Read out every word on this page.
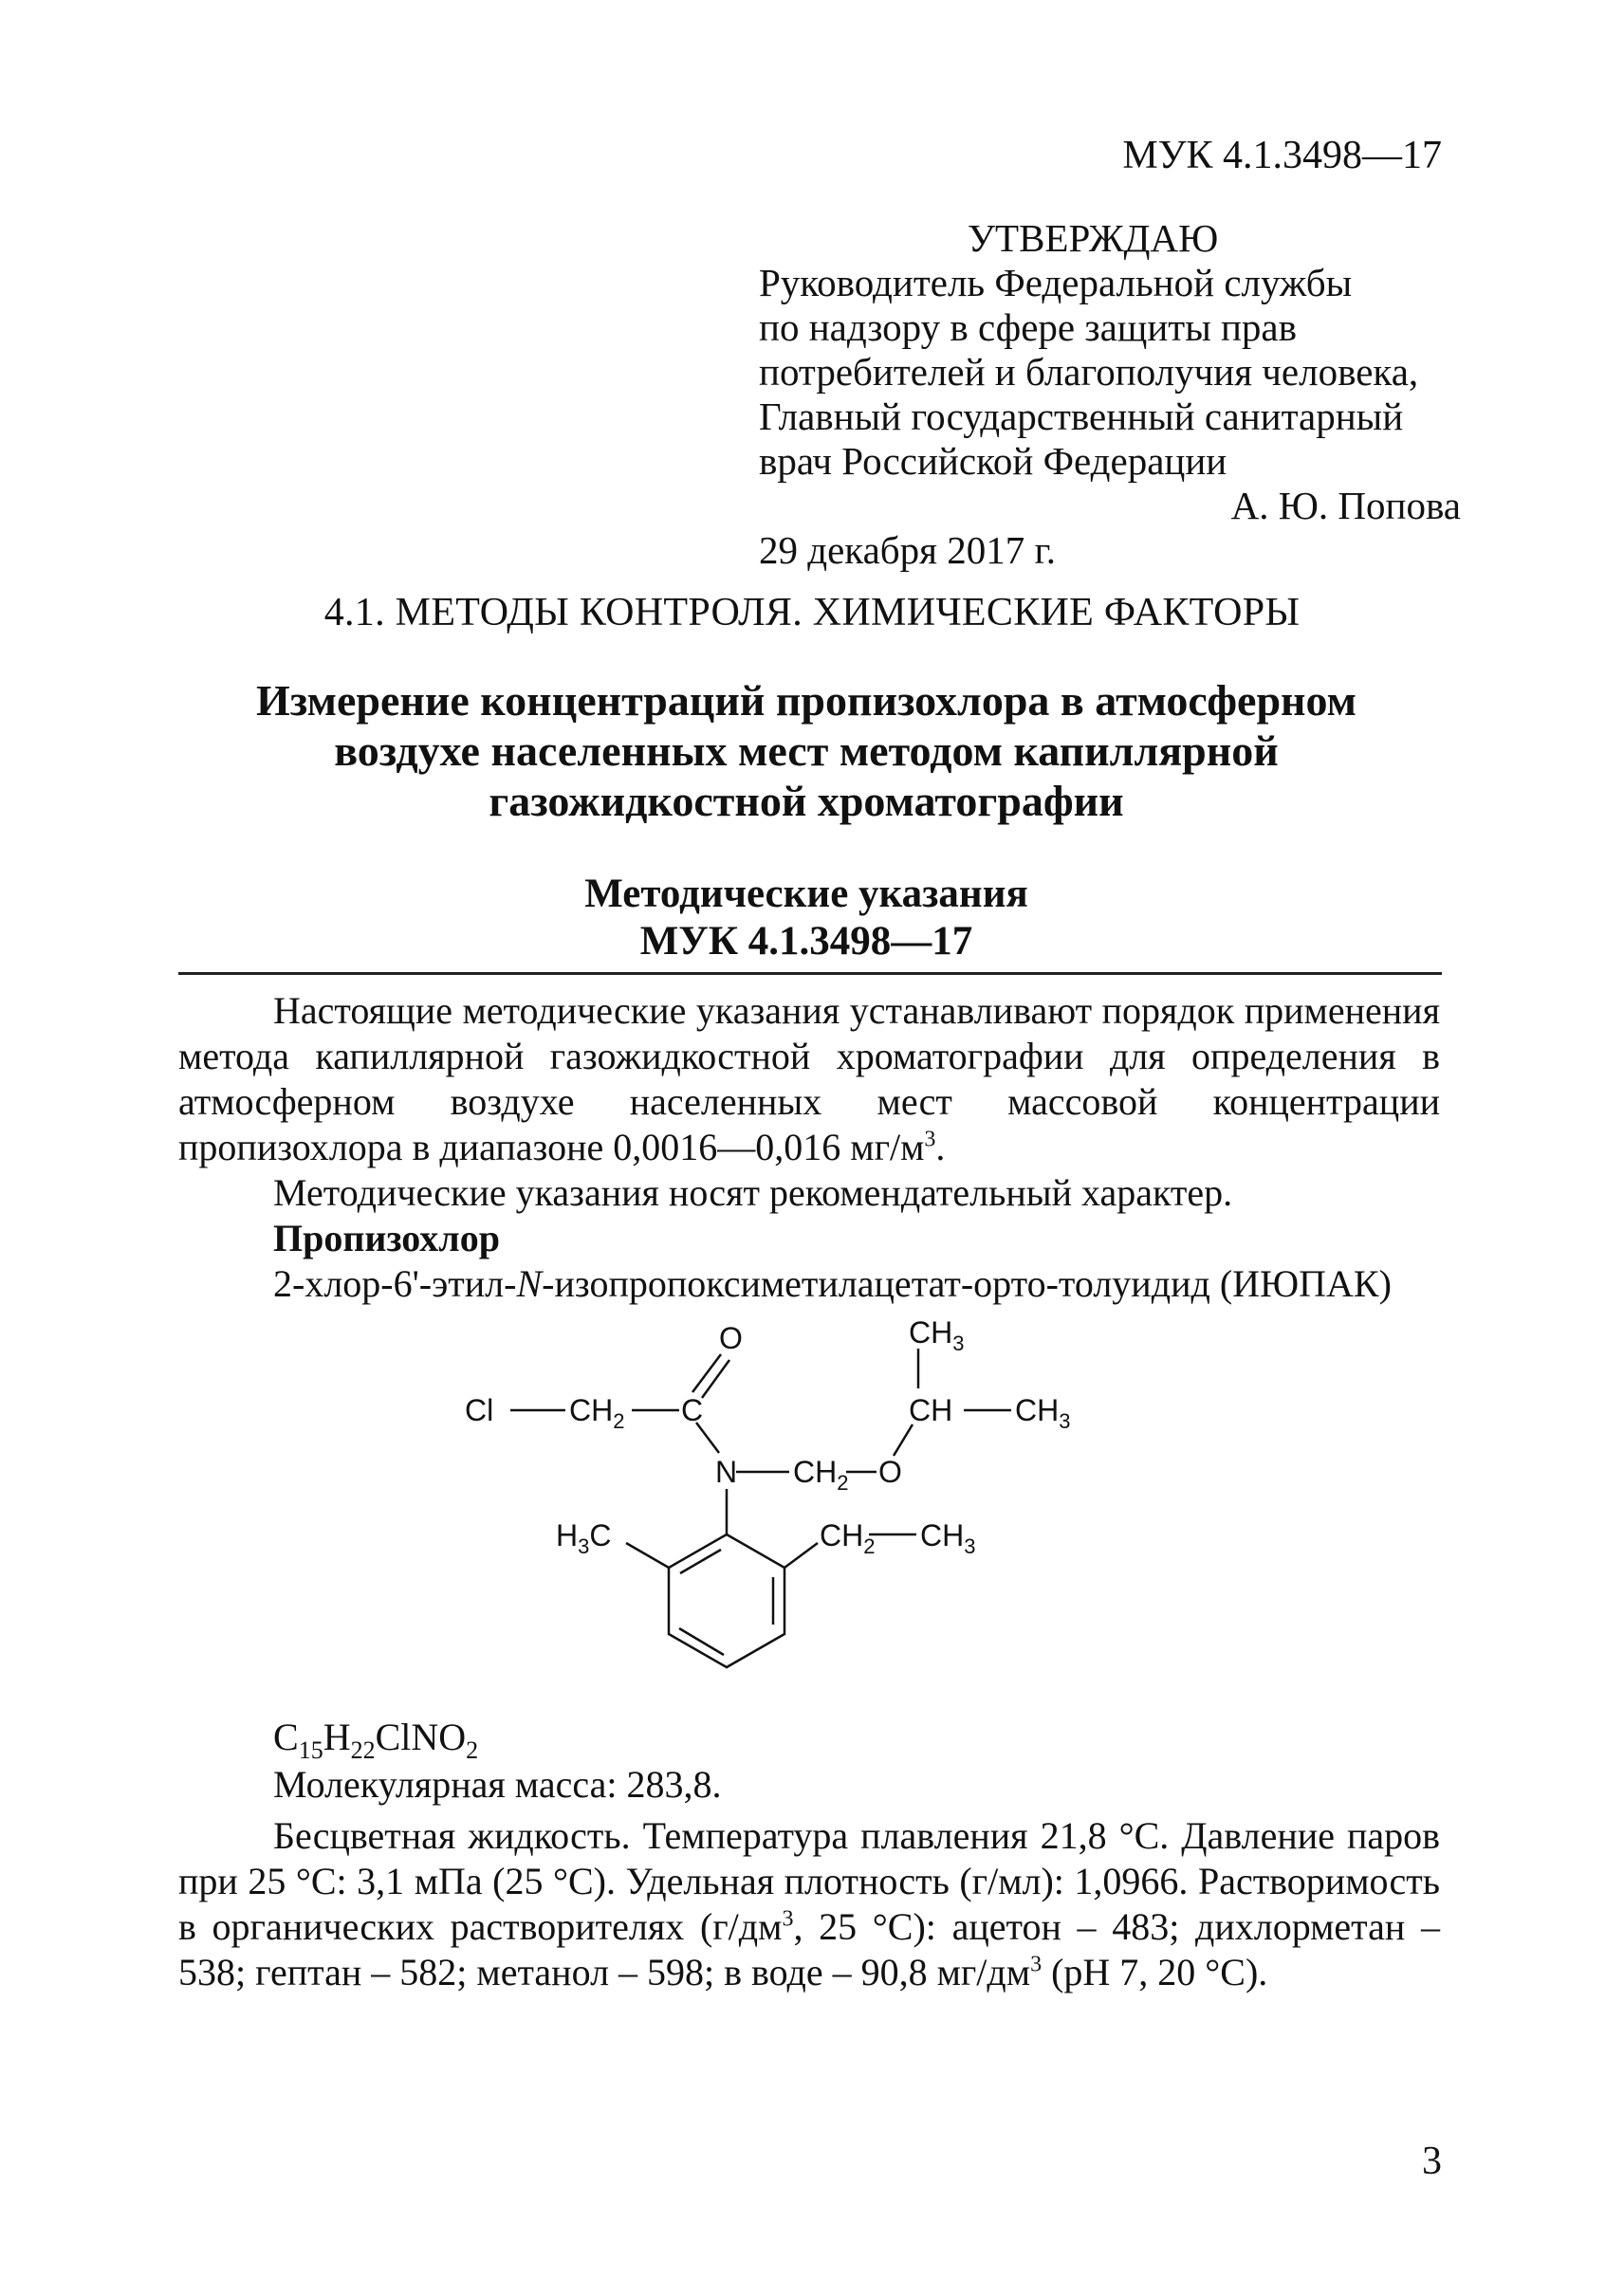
МУК 4.1.3498—17
УТВЕРЖДАЮ
Руководитель Федеральной службы
по надзору в сфере защиты прав
потребителей и благополучия человека,
Главный государственный санитарный
врач Российской Федерации
А. Ю. Попова
29 декабря 2017 г.
4.1. МЕТОДЫ КОНТРОЛЯ. ХИМИЧЕСКИЕ ФАКТОРЫ
Измерение концентраций пропизохлора в атмосферном
воздухе населенных мест методом капиллярной
газожидкостной хроматографии
Методические указания
МУК 4.1.3498—17
Настоящие методические указания устанавливают порядок применения метода капиллярной газожидкостной хроматографии для определения в атмосферном воздухе населенных мест массовой концентрации пропизохлора в диапазоне 0,0016—0,016 $мг/м^3$.
Методические указания носят рекомендательный характер.
Пропизохлор
2-хлор-6'-этил-N-изопропоксиметилацетат-орто-толуидид (ИЮПАК)
Cl $CH_2$ C
O
N $CH_2$ O
CH
$CH_3$
$CH_3$
$H_3C$	$CH_2$ $CH_3$
$C_{15}H_{22}ClNO_2$
Молекулярная масса: 283,8.
Бесцветная жидкость. Температура плавления 21,8 °С. Давление паров при 25 °С: 3,1 мПа (25 °С). Удельная плотность (г/мл): 1,0966. Растворимость в органических растворителях ($г/дм^3$, 25 °С): ацетон – 483; дихлорметан – 538; гептан – 582; метанол – 598; в воде – 90,8 $мг/дм^3$ (pH 7, 20 °С).
3
